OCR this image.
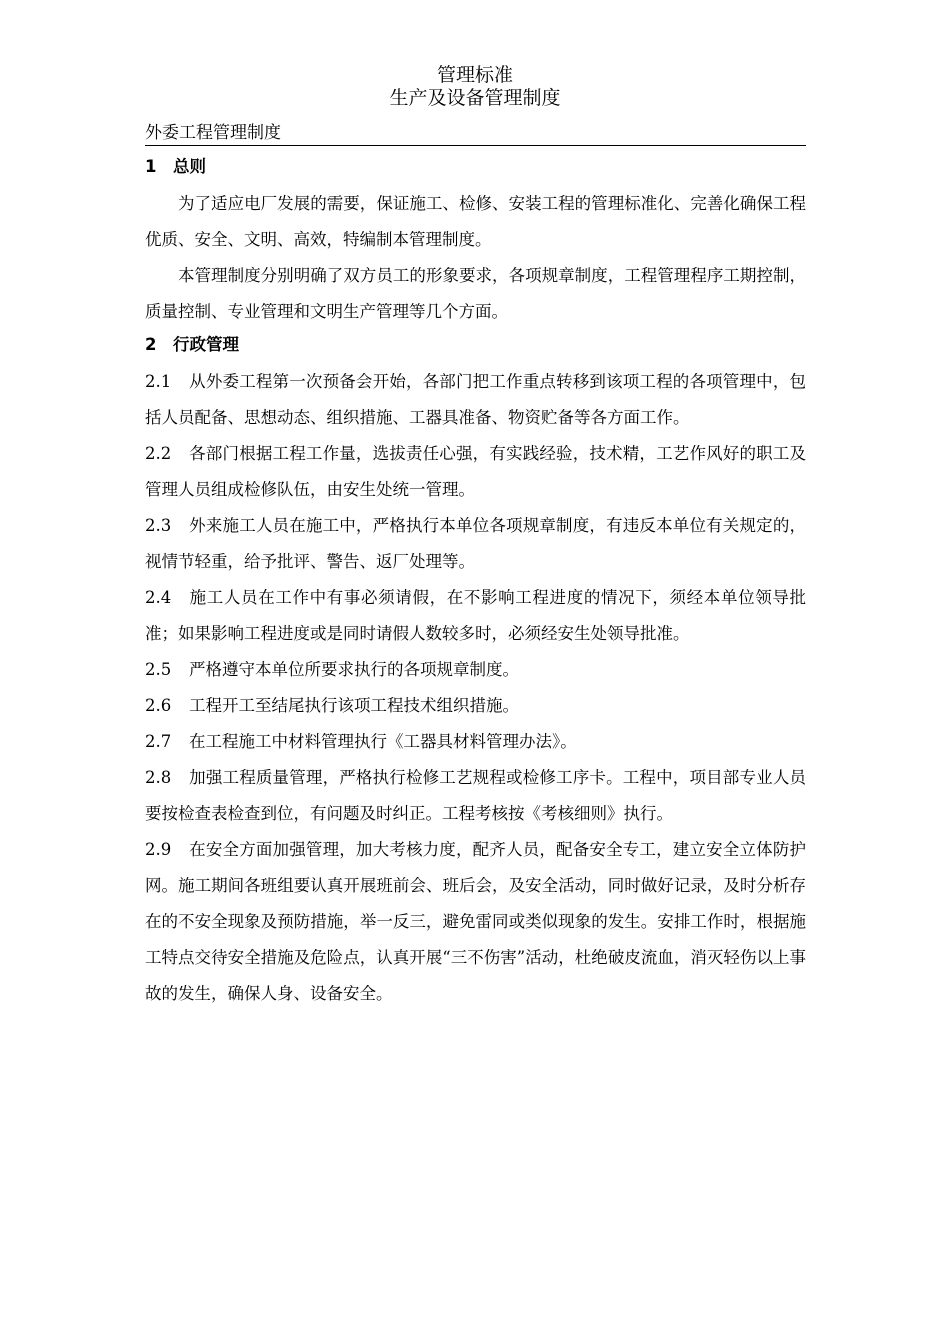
管理标准
生产及设备管理制度
外委工程管理制度
1 总则

为了适应电厂发展的需要，保证施工、检修、安装工程的管理标准化、完善化确保工程优质、安全、文明、高效，特编制本管理制度。

本管理制度分别明确了双方员工的形象要求，各项规章制度，工程管理程序工期控制，质量控制、专业管理和文明生产管理等几个方面。

2 行政管理

2.1 从外委工程第一次预备会开始，各部门把工作重点转移到该项工程的各项管理中，包括人员配备、思想动态、组织措施、工器具准备、物资贮备等各方面工作。

2.2 各部门根据工程工作量，选拔责任心强，有实践经验，技术精，工艺作风好的职工及管理人员组成检修队伍，由安生处统一管理。

2.3 外来施工人员在施工中，严格执行本单位各项规章制度，有违反本单位有关规定的，视情节轻重，给予批评、警告、返厂处理等。

2.4 施工人员在工作中有事必须请假，在不影响工程进度的情况下，须经本单位领导批准；如果影响工程进度或是同时请假人数较多时，必须经安生处领导批准。

2.5 严格遵守本单位所要求执行的各项规章制度。

2.6 工程开工至结尾执行该项工程技术组织措施。

2.7 在工程施工中材料管理执行《工器具材料管理办法》。

2.8 加强工程质量管理，严格执行检修工艺规程或检修工序卡。工程中，项目部专业人员要按检查表检查到位，有问题及时纠正。工程考核按《考核细则》执行。

2.9 在安全方面加强管理，加大考核力度，配齐人员，配备安全专工，建立安全立体防护网。施工期间各班组要认真开展班前会、班后会，及安全活动，同时做好记录，及时分析存在的不安全现象及预防措施，举一反三，避免雷同或类似现象的发生。安排工作时，根据施工特点交待安全措施及危险点，认真开展“三不伤害”活动，杜绝破皮流血，消灭轻伤以上事故的发生，确保人身、设备安全。
